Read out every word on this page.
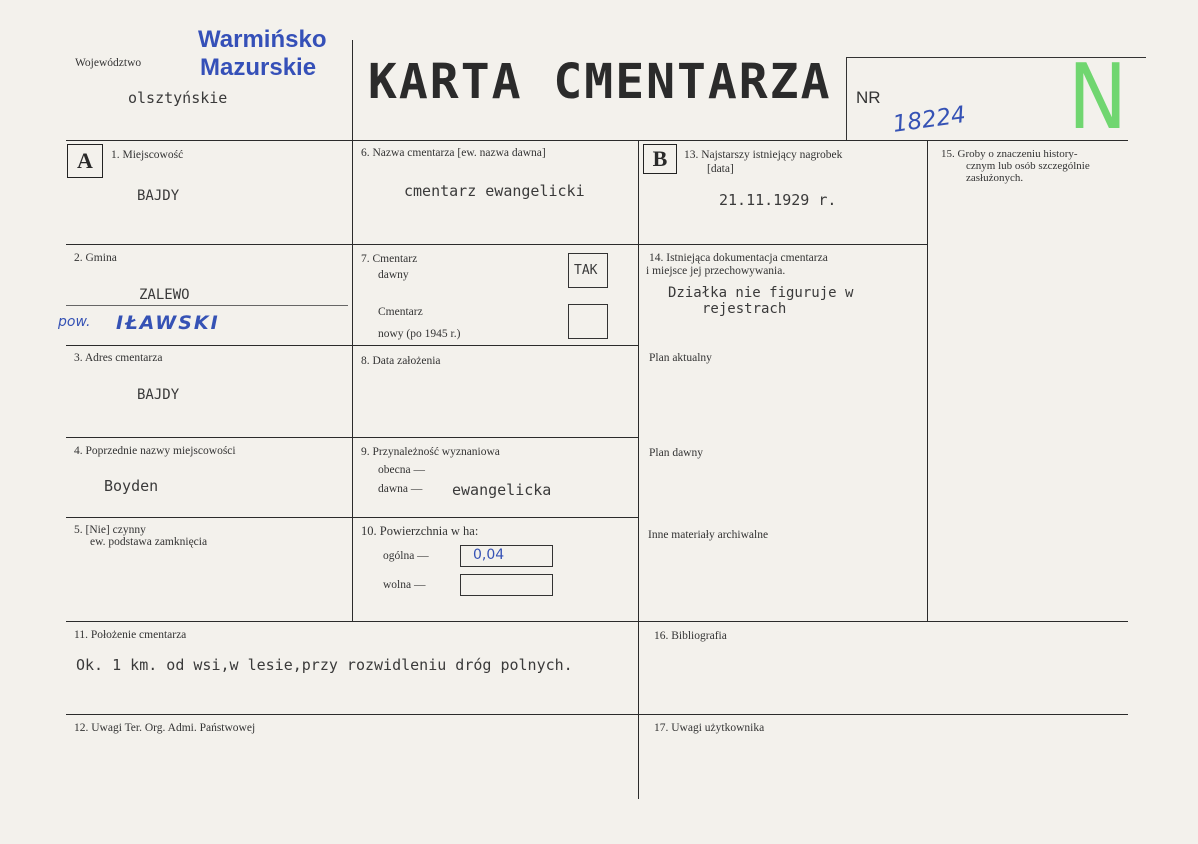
Województwo
Warmińsko
Mazurskie
olsztyńskie	KARTA CMENTARZA NR
18224 N
A	1. Miejscowość
BAJDY
2. Gmina
ZALEWO
pow. IŁAWSKI
3. Adres cmentarza
BAJDY
4. Poprzednie nazwy miejscowości
Boyden
5. [Nie] czynny
ew. podstawa zamknięcia
6. Nazwa cmentarza [ew. nazwa dawna]
cmentarz ewangelicki
7. Cmentarz
dawny	TAK
Cmentarz
nowy (po 1945 r.)
8. Data założenia
9. Przynależność wyznaniowa
obecna —
dawna — ewangelicka
10. Powierzchnia w ha:
ogólna —	0,04
wolna —
B	13. Najstarszy istniejący nagrobek
[data]
21.11.1929 r.
14. Istniejąca dokumentacja cmentarza
i miejsce jej przechowywania.
Działka nie figuruje w
rejestrach
Plan aktualny
Plan dawny
Inne materiały archiwalne
15. Groby o znaczeniu history-
cznym lub osób szczególnie
zasłużonych.
11. Położenie cmentarza
Ok. 1 km. od wsi,w lesie,przy rozwidleniu dróg polnych.
16. Bibliografia
12. Uwagi Ter. Org. Admi. Państwowej	17. Uwagi użytkownika
